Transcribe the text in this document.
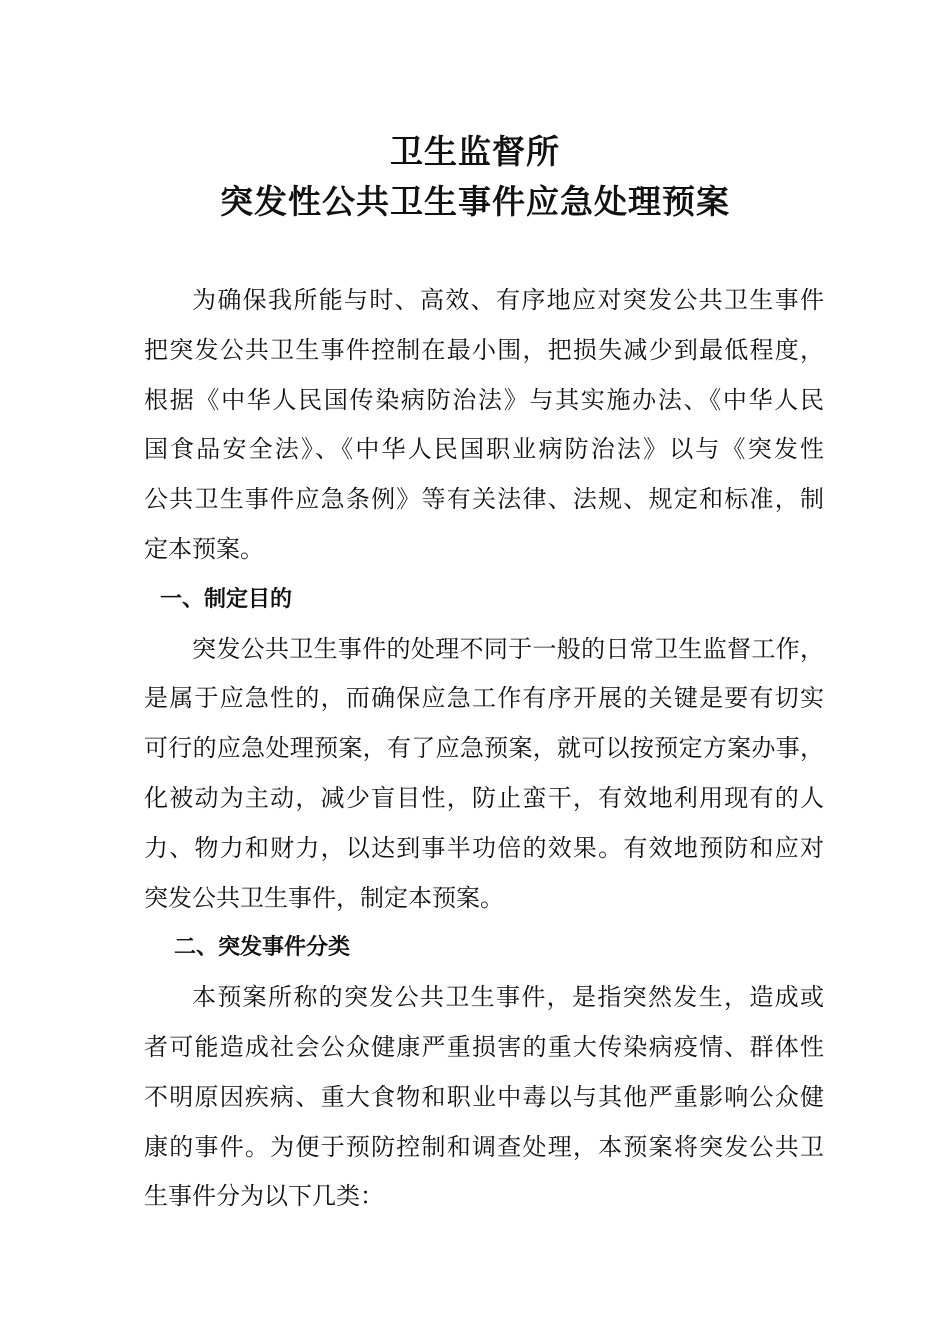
卫生监督所
突发性公共卫生事件应急处理预案
为确保我所能与时、高效、有序地应对突发公共卫生事件
把突发公共卫生事件控制在最小围，把损失减少到最低程度，
根据《中华人民国传染病防治法》与其实施办法、《中华人民
国食品安全法》、《中华人民国职业病防治法》以与《突发性
公共卫生事件应急条例》等有关法律、法规、规定和标准，制
定本预案。
一、制定目的
突发公共卫生事件的处理不同于一般的日常卫生监督工作，
是属于应急性的，而确保应急工作有序开展的关键是要有切实
可行的应急处理预案，有了应急预案，就可以按预定方案办事，
化被动为主动，减少盲目性，防止蛮干，有效地利用现有的人
力、物力和财力，以达到事半功倍的效果。有效地预防和应对
突发公共卫生事件，制定本预案。
二、突发事件分类
本预案所称的突发公共卫生事件，是指突然发生，造成或
者可能造成社会公众健康严重损害的重大传染病疫情、群体性
不明原因疾病、重大食物和职业中毒以与其他严重影响公众健
康的事件。为便于预防控制和调查处理，本预案将突发公共卫
生事件分为以下几类：
